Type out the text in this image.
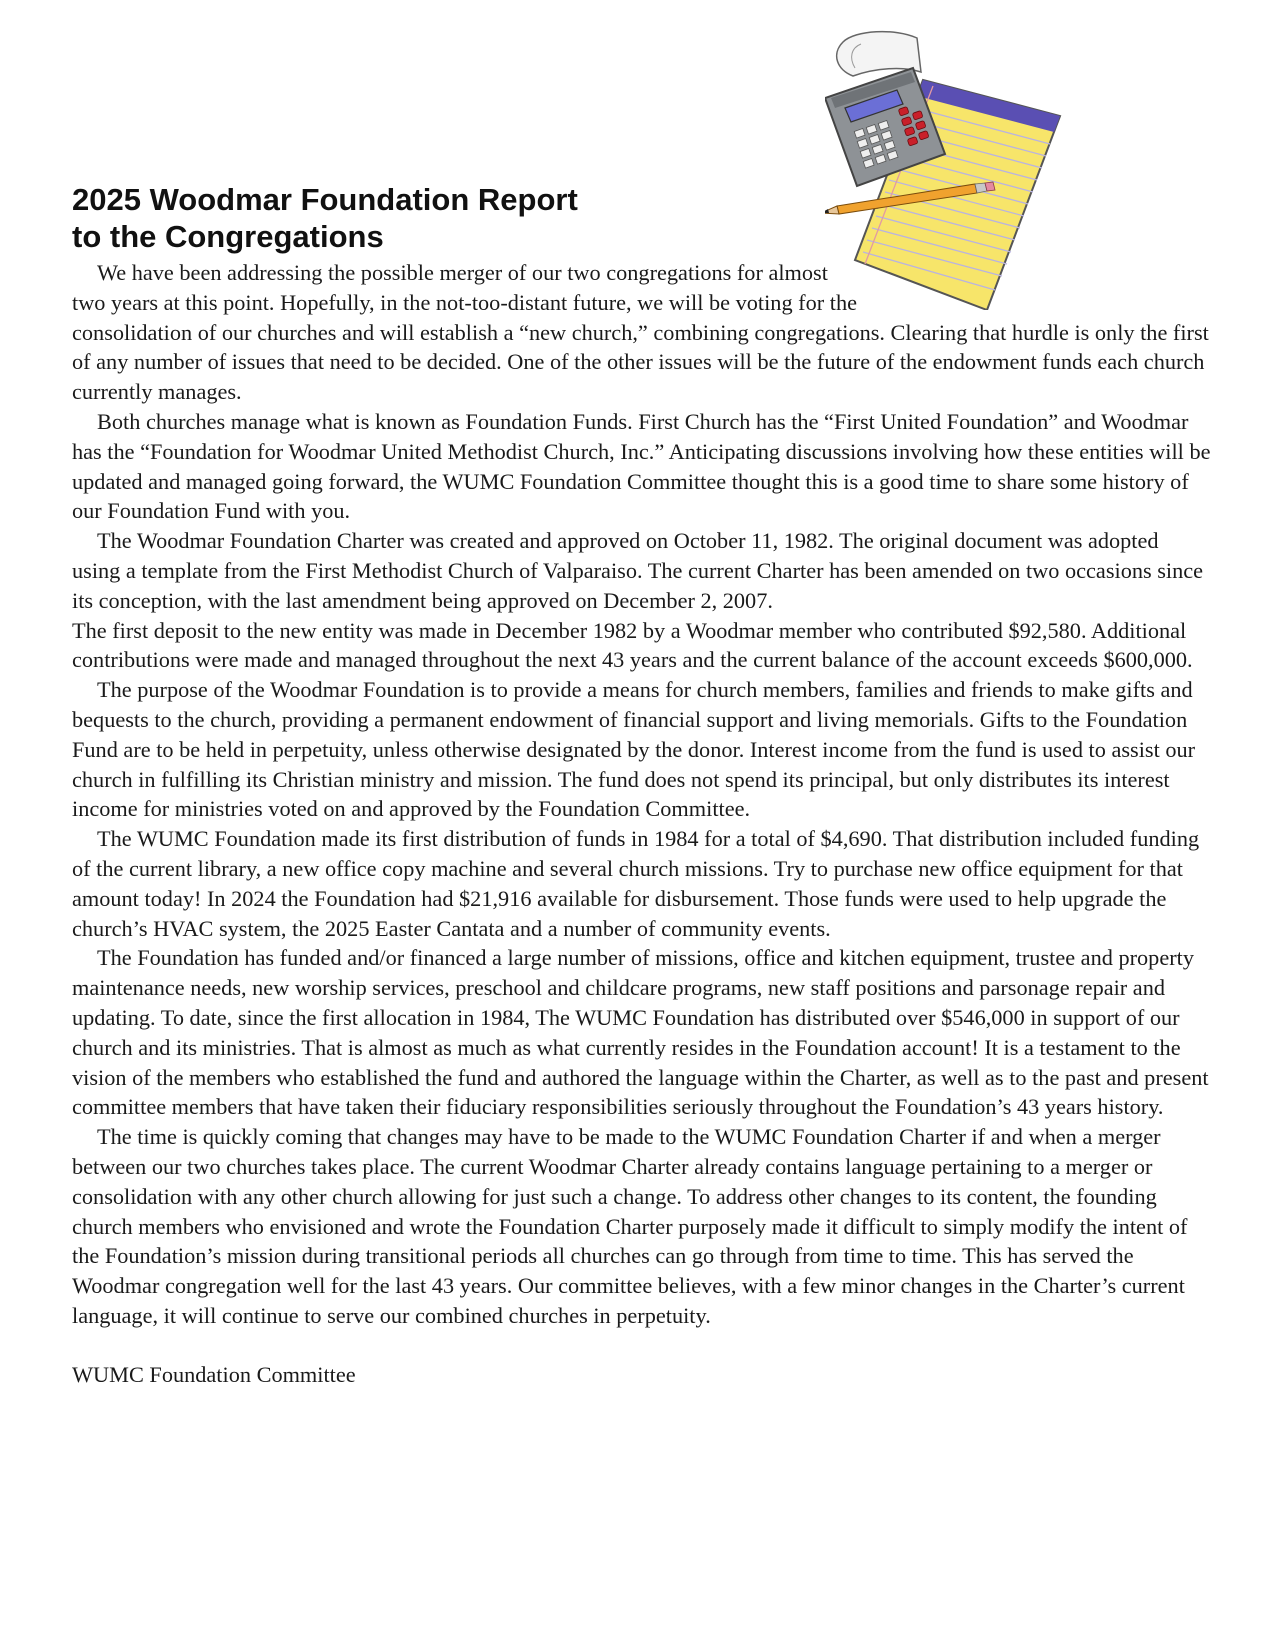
2025 Woodmar Foundation Report
to the Congregations

We have been addressing the possible merger of our two congregations for almost two years at this point. Hopefully, in the not-too-distant future, we will be voting for the consolidation of our churches and will establish a “new church,” combining congregations. Clearing that hurdle is only the first of any number of issues that need to be decided. One of the other issues will be the future of the endowment funds each church currently manages.

Both churches manage what is known as Foundation Funds. First Church has the “First United Foundation” and Woodmar has the “Foundation for Woodmar United Methodist Church, Inc.” Anticipating discussions involving how these entities will be updated and managed going forward, the WUMC Foundation Committee thought this is a good time to share some history of our Foundation Fund with you.

The Woodmar Foundation Charter was created and approved on October 11, 1982. The original document was adopted using a template from the First Methodist Church of Valparaiso. The current Charter has been amended on two occasions since its conception, with the last amendment being approved on December 2, 2007.

The first deposit to the new entity was made in December 1982 by a Woodmar member who contributed $92,580. Additional contributions were made and managed throughout the next 43 years and the current balance of the account exceeds $600,000.

The purpose of the Woodmar Foundation is to provide a means for church members, families and friends to make gifts and bequests to the church, providing a permanent endowment of financial support and living memorials. Gifts to the Foundation Fund are to be held in perpetuity, unless otherwise designated by the donor. Interest income from the fund is used to assist our church in fulfilling its Christian ministry and mission. The fund does not spend its principal, but only distributes its interest income for ministries voted on and approved by the Foundation Committee.

The WUMC Foundation made its first distribution of funds in 1984 for a total of $4,690. That distribution included funding of the current library, a new office copy machine and several church missions. Try to purchase new office equipment for that amount today! In 2024 the Foundation had $21,916 available for disbursement. Those funds were used to help upgrade the church’s HVAC system, the 2025 Easter Cantata and a number of community events.

The Foundation has funded and/or financed a large number of missions, office and kitchen equipment, trustee and property maintenance needs, new worship services, preschool and childcare programs, new staff positions and parsonage repair and updating. To date, since the first allocation in 1984, The WUMC Foundation has distributed over $546,000 in support of our church and its ministries. That is almost as much as what currently resides in the Foundation account! It is a testament to the vision of the members who established the fund and authored the language within the Charter, as well as to the past and present committee members that have taken their fiduciary responsibilities seriously throughout the Foundation’s 43 years history.

The time is quickly coming that changes may have to be made to the WUMC Foundation Charter if and when a merger between our two churches takes place. The current Woodmar Charter already contains language pertaining to a merger or consolidation with any other church allowing for just such a change. To address other changes to its content, the founding church members who envisioned and wrote the Foundation Charter purposely made it difficult to simply modify the intent of the Foundation’s mission during transitional periods all churches can go through from time to time. This has served the Woodmar congregation well for the last 43 years. Our committee believes, with a few minor changes in the Charter’s current language, it will continue to serve our combined churches in perpetuity.

WUMC Foundation Committee
